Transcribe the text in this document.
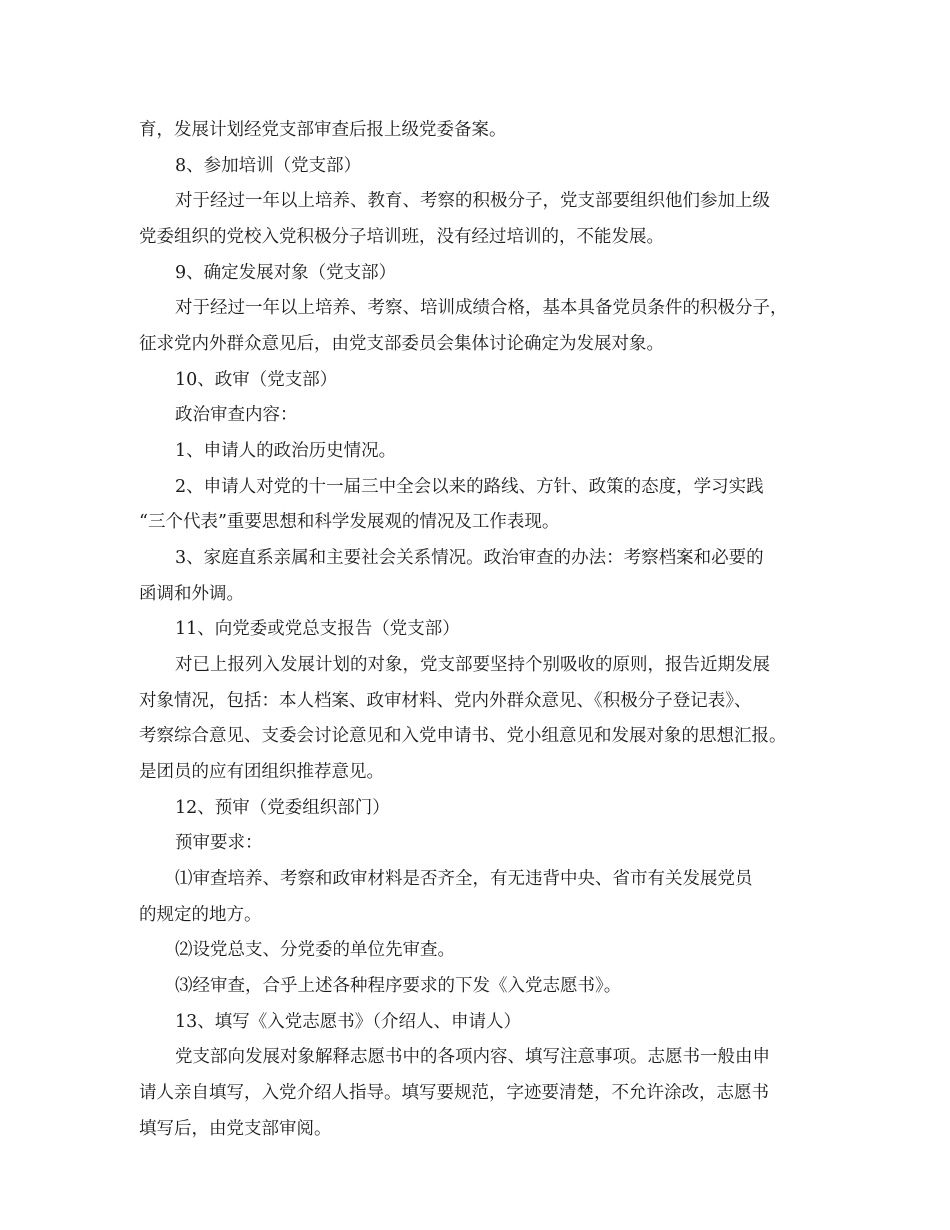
育，发展计划经党支部审查后报上级党委备案。
8、参加培训（党支部）
对于经过一年以上培养、教育、考察的积极分子，党支部要组织他们参加上级
党委组织的党校入党积极分子培训班，没有经过培训的，不能发展。
9、确定发展对象（党支部）
对于经过一年以上培养、考察、培训成绩合格，基本具备党员条件的积极分子，
征求党内外群众意见后，由党支部委员会集体讨论确定为发展对象。
10、政审（党支部）
政治审查内容：
1、申请人的政治历史情况。
2、申请人对党的十一届三中全会以来的路线、方针、政策的态度，学习实践
“三个代表”重要思想和科学发展观的情况及工作表现。
3、家庭直系亲属和主要社会关系情况。政治审查的办法：考察档案和必要的
函调和外调。
11、向党委或党总支报告（党支部）
对已上报列入发展计划的对象，党支部要坚持个别吸收的原则，报告近期发展
对象情况，包括：本人档案、政审材料、党内外群众意见、《积极分子登记表》、
考察综合意见、支委会讨论意见和入党申请书、党小组意见和发展对象的思想汇报。
是团员的应有团组织推荐意见。
12、预审（党委组织部门）
预审要求：
⑴审查培养、考察和政审材料是否齐全，有无违背中央、省市有关发展党员
的规定的地方。
⑵设党总支、分党委的单位先审查。
⑶经审查，合乎上述各种程序要求的下发《入党志愿书》。
13、填写《入党志愿书》（介绍人、申请人）
党支部向发展对象解释志愿书中的各项内容、填写注意事项。志愿书一般由申
请人亲自填写，入党介绍人指导。填写要规范，字迹要清楚，不允许涂改，志愿书
填写后，由党支部审阅。
